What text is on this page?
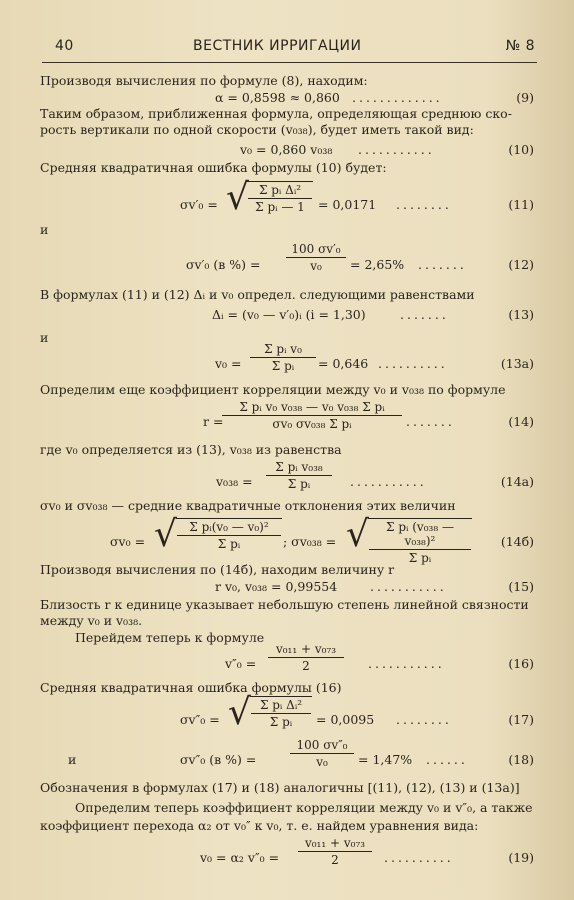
40	ВЕСТНИК ИРРИГАЦИИ	№ 8
Производя вычисления по формуле (8), находим:
α = 0,8598 ≈ 0,860 .............	(9)
Таким образом, приближенная формула, определяющая среднюю ско-
рость вертикали по одной скорости (v₀₃₈), будет иметь такой вид:
v₀ = 0,860 v₀₃₈ ...........	(10)
Средняя квадратичная ошибка формулы (10) будет:
σv′₀ = √ Σ pᵢ Δᵢ²
Σ pᵢ — 1	= 0,0171 ........	(11)
и
σv′₀ (в %) =
100 σv′₀
v₀	= 2,65% .......	(12)
В формулах (11) и (12) Δᵢ и v₀ определ. следующими равенствами
Δᵢ = (v₀ — v′₀)ᵢ (i = 1,30)	.......	(13)
и
v₀ =
Σ pᵢ v₀
Σ pᵢ	= 0,646 ..........	(13а)
Определим еще коэффициент корреляции между v₀ и v₀₃₈ по формуле
r =
Σ pᵢ v₀ v₀₃₈ — v₀ v₀₃₈ Σ pᵢ
σv₀ σv₀₃₈ Σ pᵢ	.......	(14)
где v₀ определяется из (13), v₀₃₈ из равенства
v₀₃₈ =
Σ pᵢ v₀₃₈
Σ pᵢ	...........	(14а)
σv₀ и σv₀₃₈ — средние квадратичные отклонения этих величин
σv₀ = √	Σ pᵢ(v₀ — v₀)²
Σ pᵢ	; σv₀₃₈ = √	Σ pᵢ (v₀₃₈ — v₀₃₈)²
Σ pᵢ
(14б)
Производя вычисления по (14б), находим величину r
r v₀, v₀₃₈ = 0,99554	...........	(15)
Близость r к единице указывает небольшую степень линейной связности
между v₀ и v₀₃₈.
Перейдем теперь к формуле
v″₀ =
v₀₁₁ + v₀₇₃
2	...........	(16)
Средняя квадратичная ошибка формулы (16)
σv″₀ = √ Σ pᵢ Δᵢ²
Σ pᵢ	= 0,0095 ........	(17)
и	σv″₀ (в %) =
100 σv″₀
v₀	= 1,47% ......	(18)
Обозначения в формулах (17) и (18) аналогичны [(11), (12), (13) и (13а)]
Определим теперь коэффициент корреляции между v₀ и v″₀, а также
коэффициент перехода α₂ от v₀″ к v₀, т. е. найдем уравнения вида:
v₀ = α₂ v″₀ =
v₀₁₁ + v₀₇₃
2	..........	(19)
